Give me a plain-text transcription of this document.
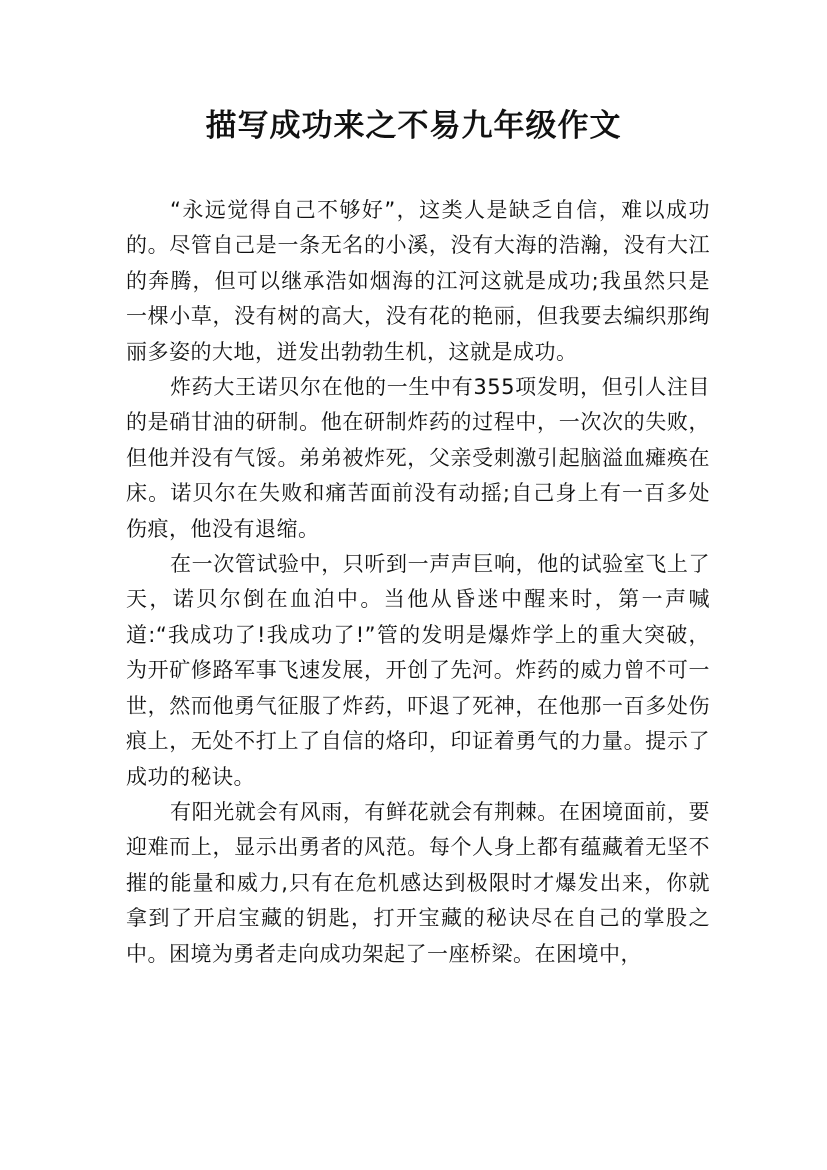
描写成功来之不易九年级作文

“永远觉得自己不够好”，这类人是缺乏自信，难以成功的。尽管自己是一条无名的小溪，没有大海的浩瀚，没有大江的奔腾，但可以继承浩如烟海的江河这就是成功;我虽然只是一棵小草，没有树的高大，没有花的艳丽，但我要去编织那绚丽多姿的大地，迸发出勃勃生机，这就是成功。

炸药大王诺贝尔在他的一生中有355项发明，但引人注目的是硝甘油的研制。他在研制炸药的过程中，一次次的失败，但他并没有气馁。弟弟被炸死，父亲受刺激引起脑溢血瘫痪在床。诺贝尔在失败和痛苦面前没有动摇;自己身上有一百多处伤痕，他没有退缩。

在一次管试验中，只听到一声声巨响，他的试验室飞上了天，诺贝尔倒在血泊中。当他从昏迷中醒来时，第一声喊道:“我成功了!我成功了!”管的发明是爆炸学上的重大突破，为开矿修路军事飞速发展，开创了先河。炸药的威力曾不可一世，然而他勇气征服了炸药，吓退了死神，在他那一百多处伤痕上，无处不打上了自信的烙印，印证着勇气的力量。提示了成功的秘诀。

有阳光就会有风雨，有鲜花就会有荆棘。在困境面前，要迎难而上，显示出勇者的风范。每个人身上都有蕴藏着无坚不摧的能量和威力,只有在危机感达到极限时才爆发出来，你就拿到了开启宝藏的钥匙，打开宝藏的秘诀尽在自己的掌股之中。困境为勇者走向成功架起了一座桥梁。在困境中，
